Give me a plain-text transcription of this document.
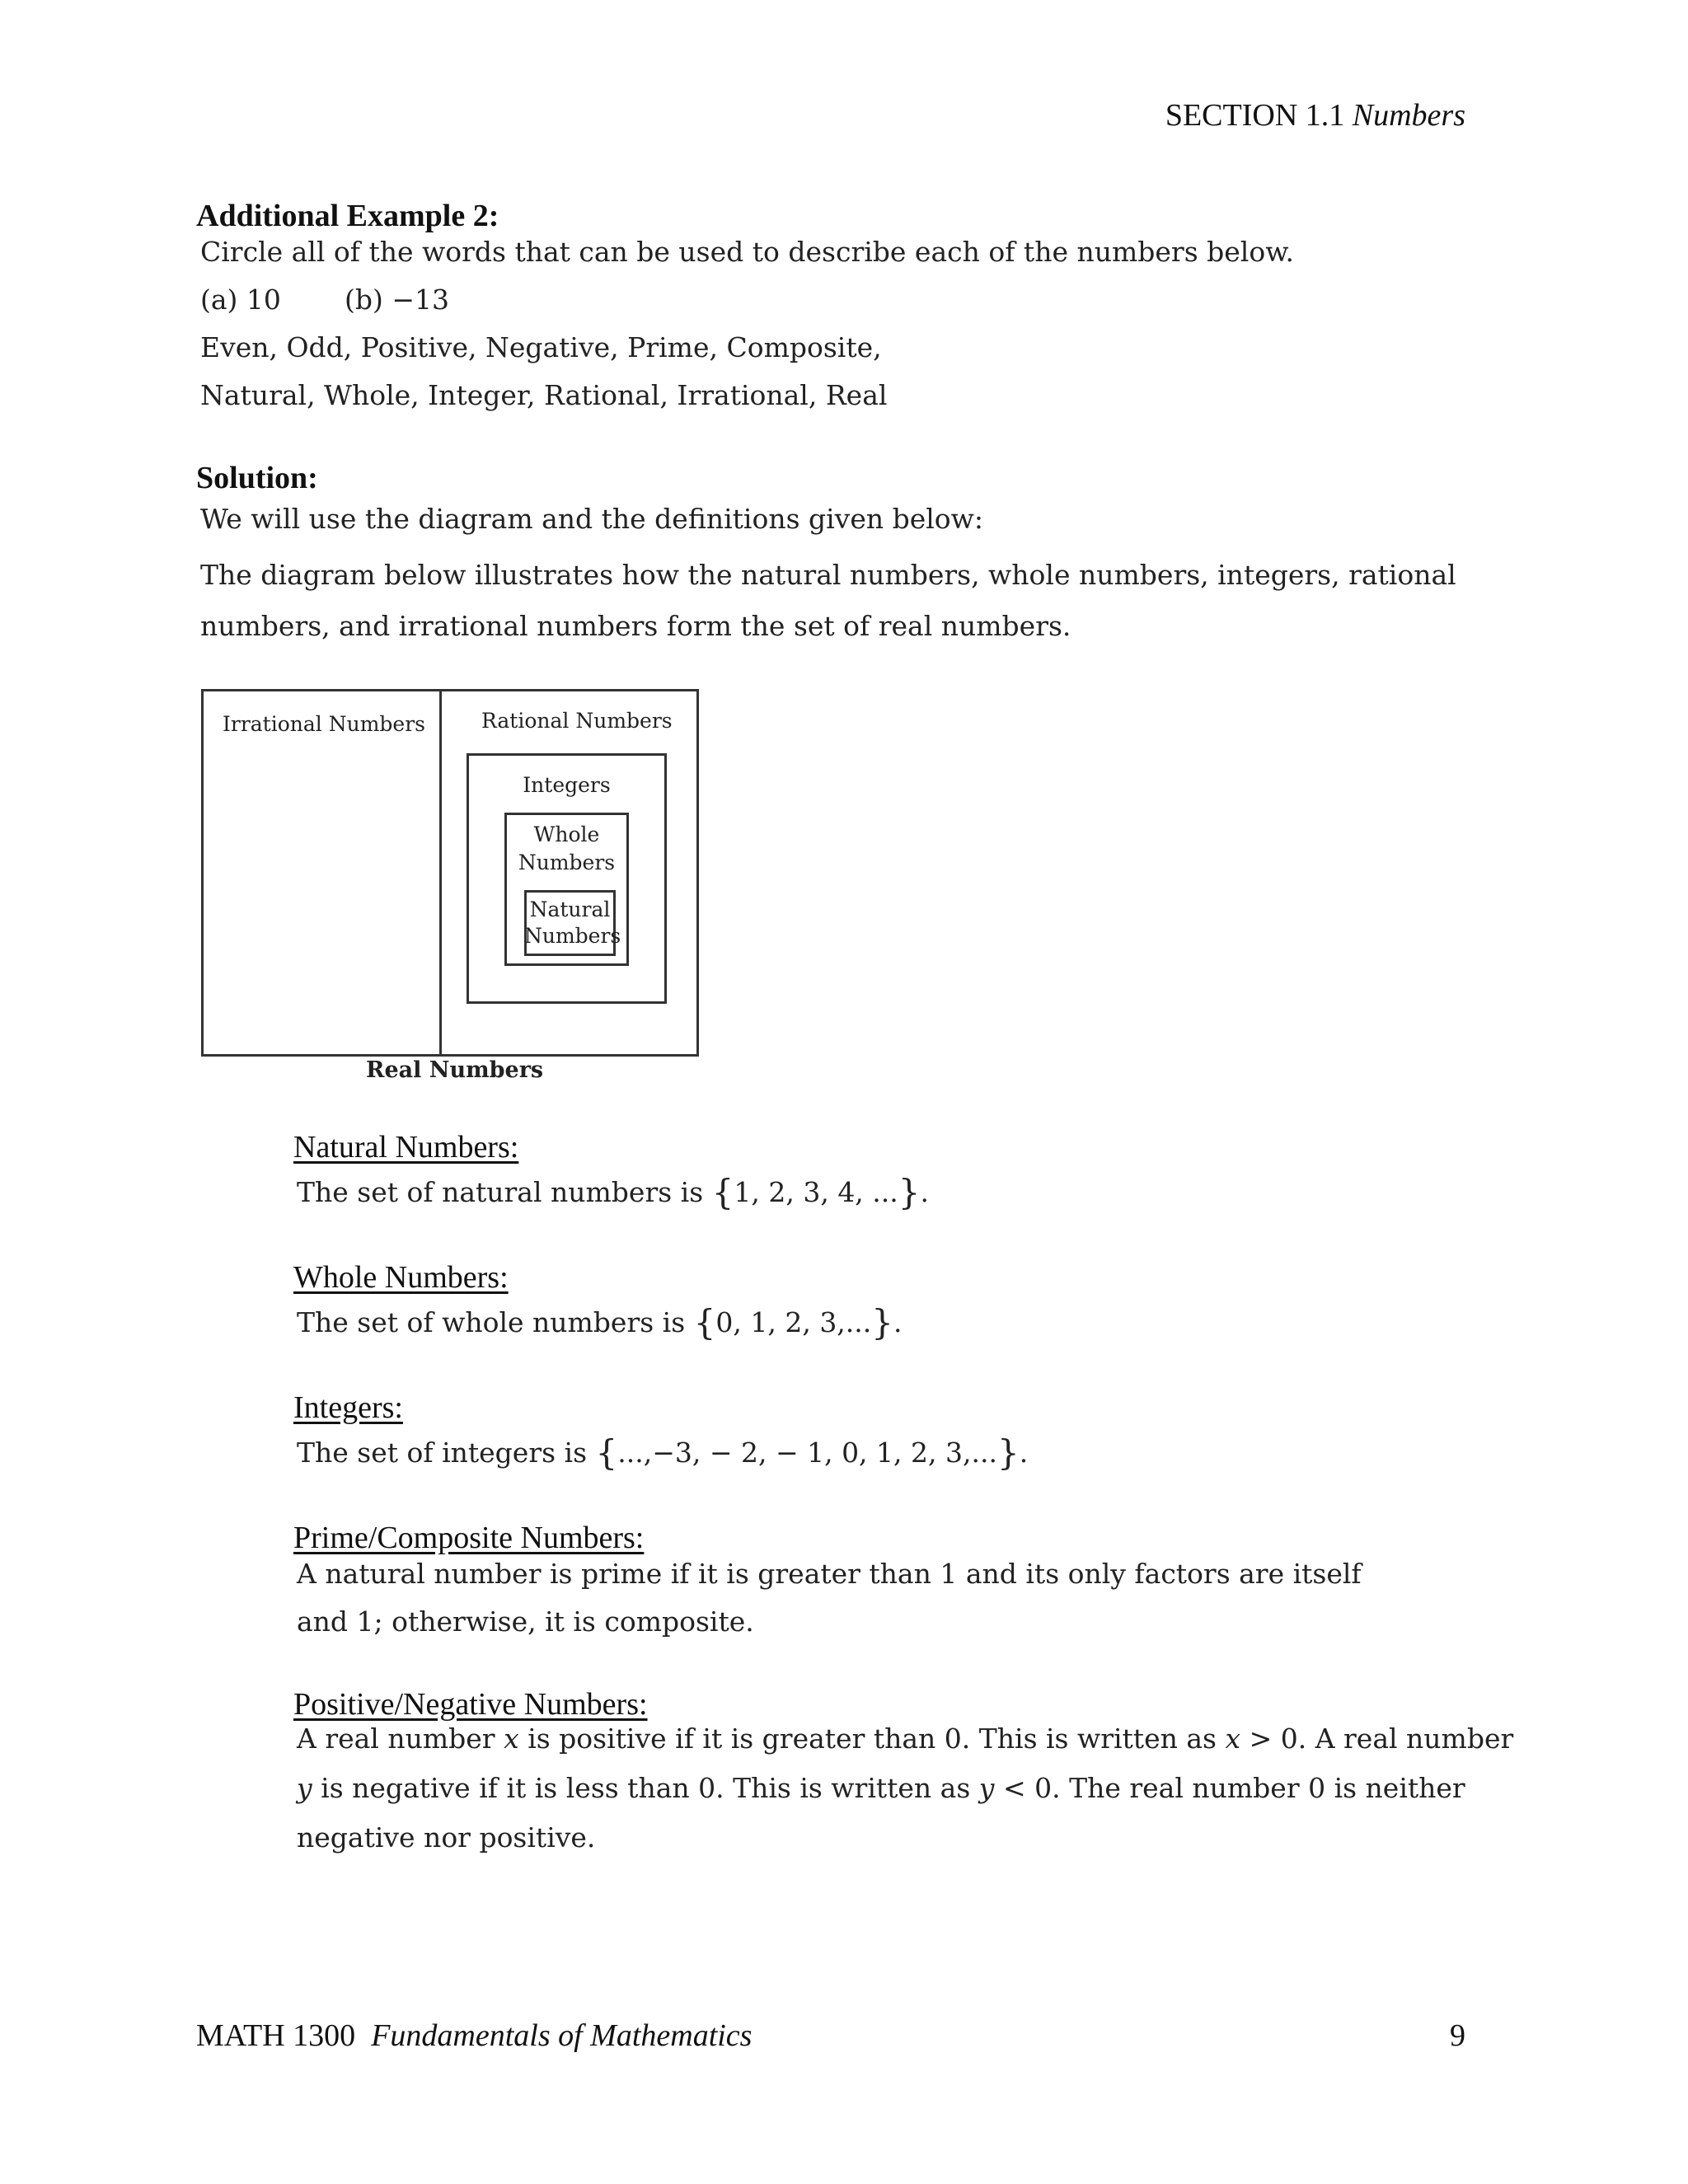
SECTION 1.1 Numbers
Additional Example 2:
Circle all of the words that can be used to describe each of the numbers below.
(a) 10 (b) −13
Even, Odd, Positive, Negative, Prime, Composite,
Natural, Whole, Integer, Rational, Irrational, Real
Solution:
We will use the diagram and the definitions given below:
The diagram below illustrates how the natural numbers, whole numbers, integers, rational
numbers, and irrational numbers form the set of real numbers.
Irrational Numbers	Rational Numbers
Integers
Whole
Numbers
Natural
Numbers
Real Numbers
Natural Numbers:
The set of natural numbers is {1, 2, 3, 4, ...}.
Whole Numbers:
The set of whole numbers is {0, 1, 2, 3,...}.
Integers:
The set of integers is {...,−3, − 2, − 1, 0, 1, 2, 3,...}.
Prime/Composite Numbers:
A natural number is prime if it is greater than 1 and its only factors are itself
and 1; otherwise, it is composite.
Positive/Negative Numbers:
A real number x is positive if it is greater than 0. This is written as x > 0. A real number
y is negative if it is less than 0. This is written as y < 0. The real number 0 is neither
negative nor positive.
MATH 1300 Fundamentals of Mathematics	9
